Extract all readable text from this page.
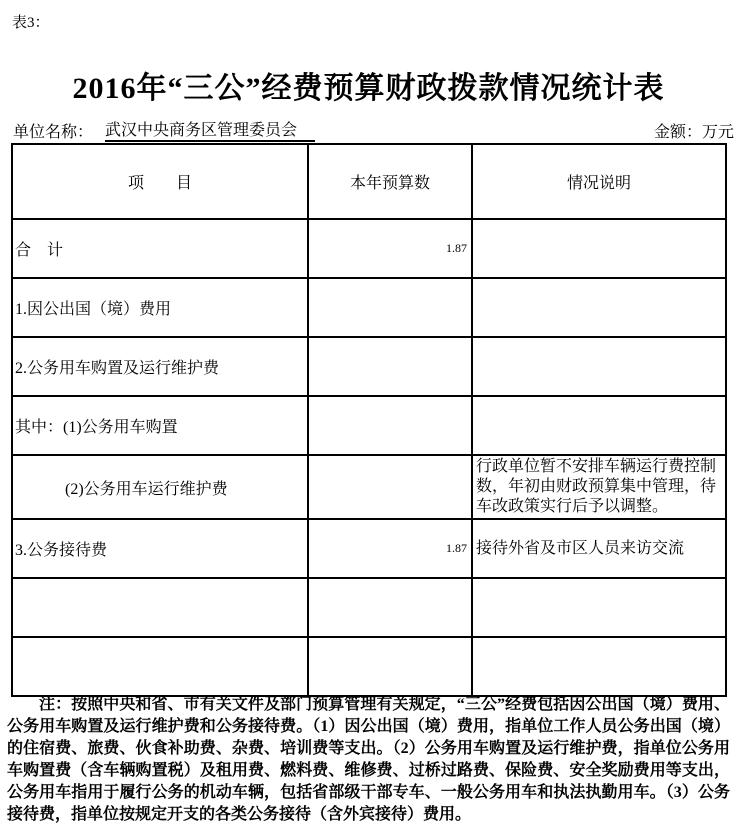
表3：
2016年“三公”经费预算财政拨款情况统计表
单位名称： 武汉中央商务区管理委员会	金额：万元
项　　目	本年预算数	情况说明
合　计	1.87	
1.因公出国（境）费用		
2.公务用车购置及运行维护费		
其中：(1)公务用车购置		
(2)公务用车运行维护费		行政单位暂不安排车辆运行费控制数，年初由财政预算集中管理，待车改政策实行后予以调整。
3.公务接待费	1.87	接待外省及市区人员来访交流

注：按照中央和省、市有关文件及部门预算管理有关规定，“三公”经费包括因公出国（境）费用、公务用车购置及运行维护费和公务接待费。（1）因公出国（境）费用，指单位工作人员公务出国（境）的住宿费、旅费、伙食补助费、杂费、培训费等支出。（2）公务用车购置及运行维护费，指单位公务用车购置费（含车辆购置税）及租用费、燃料费、维修费、过桥过路费、保险费、安全奖励费用等支出，公务用车指用于履行公务的机动车辆，包括省部级干部专车、一般公务用车和执法执勤用车。（3）公务接待费，指单位按规定开支的各类公务接待（含外宾接待）费用。
